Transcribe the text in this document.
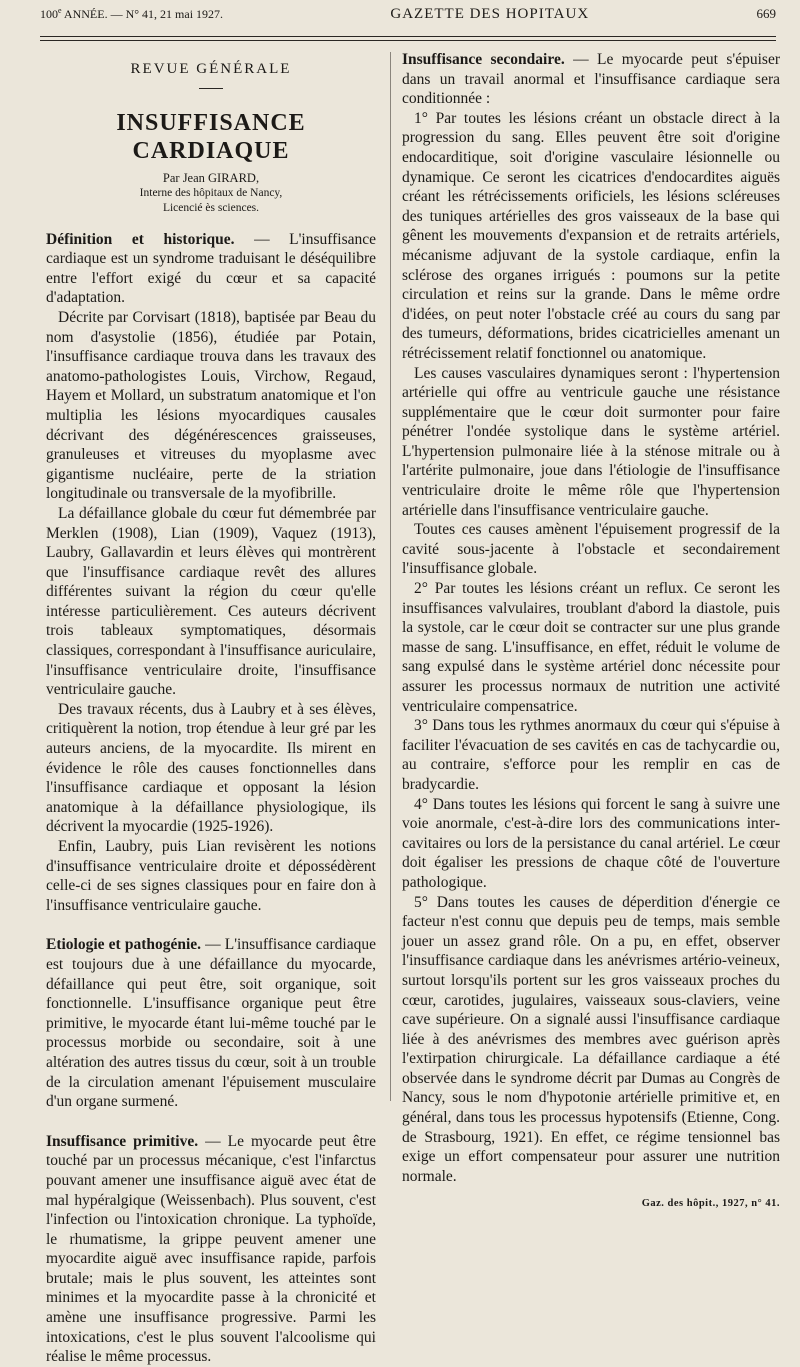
100e ANNÉE. — N° 41, 21 mai 1927.	GAZETTE DES HOPITAUX	669
REVUE GÉNÉRALE
INSUFFISANCE CARDIAQUE
Par Jean GIRARD,
Interne des hôpitaux de Nancy,
Licencié ès sciences.

Définition et historique. — L'insuffisance cardiaque est un syndrome traduisant le déséquilibre entre l'effort exigé du cœur et sa capacité d'adaptation.

Décrite par Corvisart (1818), baptisée par Beau du nom d'asystolie (1856), étudiée par Potain, l'insuffisance cardiaque trouva dans les travaux des anatomo-pathologistes Louis, Virchow, Regaud, Hayem et Mollard, un substratum anatomique et l'on multiplia les lésions myocardiques causales décrivant des dégénérescences graisseuses, granuleuses et vitreuses du myoplasme avec gigantisme nucléaire, perte de la striation longitudinale ou transversale de la myofibrille.

La défaillance globale du cœur fut démembrée par Merklen (1908), Lian (1909), Vaquez (1913), Laubry, Gallavardin et leurs élèves qui montrèrent que l'insuffisance cardiaque revêt des allures différentes suivant la région du cœur qu'elle intéresse particulièrement. Ces auteurs décrivent trois tableaux symptomatiques, désormais classiques, correspondant à l'insuffisance auriculaire, l'insuffisance ventriculaire droite, l'insuffisance ventriculaire gauche.

Des travaux récents, dus à Laubry et à ses élèves, critiquèrent la notion, trop étendue à leur gré par les auteurs anciens, de la myocardite. Ils mirent en évidence le rôle des causes fonctionnelles dans l'insuffisance cardiaque et opposant la lésion anatomique à la défaillance physiologique, ils décrivent la myocardie (1925-1926).

Enfin, Laubry, puis Lian revisèrent les notions d'insuffisance ventriculaire droite et dépossédèrent celle-ci de ses signes classiques pour en faire don à l'insuffisance ventriculaire gauche.

Etiologie et pathogénie. — L'insuffisance cardiaque est toujours due à une défaillance du myocarde, défaillance qui peut être, soit organique, soit fonctionnelle. L'insuffisance organique peut être primitive, le myocarde étant lui-même touché par le processus morbide ou secondaire, soit à une altération des autres tissus du cœur, soit à un trouble de la circulation amenant l'épuisement musculaire d'un organe surmené.

Insuffisance primitive. — Le myocarde peut être touché par un processus mécanique, c'est l'infarctus pouvant amener une insuffisance aiguë avec état de mal hypéralgique (Weissenbach). Plus souvent, c'est l'infection ou l'intoxication chronique. La typhoïde, le rhumatisme, la grippe peuvent amener une myocardite aiguë avec insuffisance rapide, parfois brutale; mais le plus souvent, les atteintes sont minimes et la myocardite passe à la chronicité et amène une insuffisance progressive. Parmi les intoxications, c'est le plus souvent l'alcoolisme qui réalise le même processus.

Insuffisance secondaire. — Le myocarde peut s'épuiser dans un travail anormal et l'insuffisance cardiaque sera conditionnée :

1° Par toutes les lésions créant un obstacle direct à la progression du sang. Elles peuvent être soit d'origine endocarditique, soit d'origine vasculaire lésionnelle ou dynamique. Ce seront les cicatrices d'endocardites aiguës créant les rétrécissements orificiels, les lésions scléreuses des tuniques artérielles des gros vaisseaux de la base qui gênent les mouvements d'expansion et de retraits artériels, mécanisme adjuvant de la systole cardiaque, enfin la sclérose des organes irrigués : poumons sur la petite circulation et reins sur la grande. Dans le même ordre d'idées, on peut noter l'obstacle créé au cours du sang par des tumeurs, déformations, brides cicatricielles amenant un rétrécissement relatif fonctionnel ou anatomique.

Les causes vasculaires dynamiques seront : l'hypertension artérielle qui offre au ventricule gauche une résistance supplémentaire que le cœur doit surmonter pour faire pénétrer l'ondée systolique dans le système artériel. L'hypertension pulmonaire liée à la sténose mitrale ou à l'artérite pulmonaire, joue dans l'étiologie de l'insuffisance ventriculaire droite le même rôle que l'hypertension artérielle dans l'insuffisance ventriculaire gauche.

Toutes ces causes amènent l'épuisement progressif de la cavité sous-jacente à l'obstacle et secondairement l'insuffisance globale.

2° Par toutes les lésions créant un reflux. Ce seront les insuffisances valvulaires, troublant d'abord la diastole, puis la systole, car le cœur doit se contracter sur une plus grande masse de sang. L'insuffisance, en effet, réduit le volume de sang expulsé dans le système artériel donc nécessite pour assurer les processus normaux de nutrition une activité ventriculaire compensatrice.

3° Dans tous les rythmes anormaux du cœur qui s'épuise à faciliter l'évacuation de ses cavités en cas de tachycardie ou, au contraire, s'efforce pour les remplir en cas de bradycardie.

4° Dans toutes les lésions qui forcent le sang à suivre une voie anormale, c'est-à-dire lors des communications inter-cavitaires ou lors de la persistance du canal artériel. Le cœur doit égaliser les pressions de chaque côté de l'ouverture pathologique.

5° Dans toutes les causes de déperdition d'énergie ce facteur n'est connu que depuis peu de temps, mais semble jouer un assez grand rôle. On a pu, en effet, observer l'insuffisance cardiaque dans les anévrismes artério-veineux, surtout lorsqu'ils portent sur les gros vaisseaux proches du cœur, carotides, jugulaires, vaisseaux sous-claviers, veine cave supérieure. On a signalé aussi l'insuffisance cardiaque liée à des anévrismes des membres avec guérison après l'extirpation chirurgicale. La défaillance cardiaque a été observée dans le syndrome décrit par Dumas au Congrès de Nancy, sous le nom d'hypotonie artérielle primitive et, en général, dans tous les processus hypotensifs (Etienne, Cong. de Strasbourg, 1921). En effet, ce régime tensionnel bas exige un effort compensateur pour assurer une nutrition normale.

Gaz. des hôpit., 1927, n° 41.
